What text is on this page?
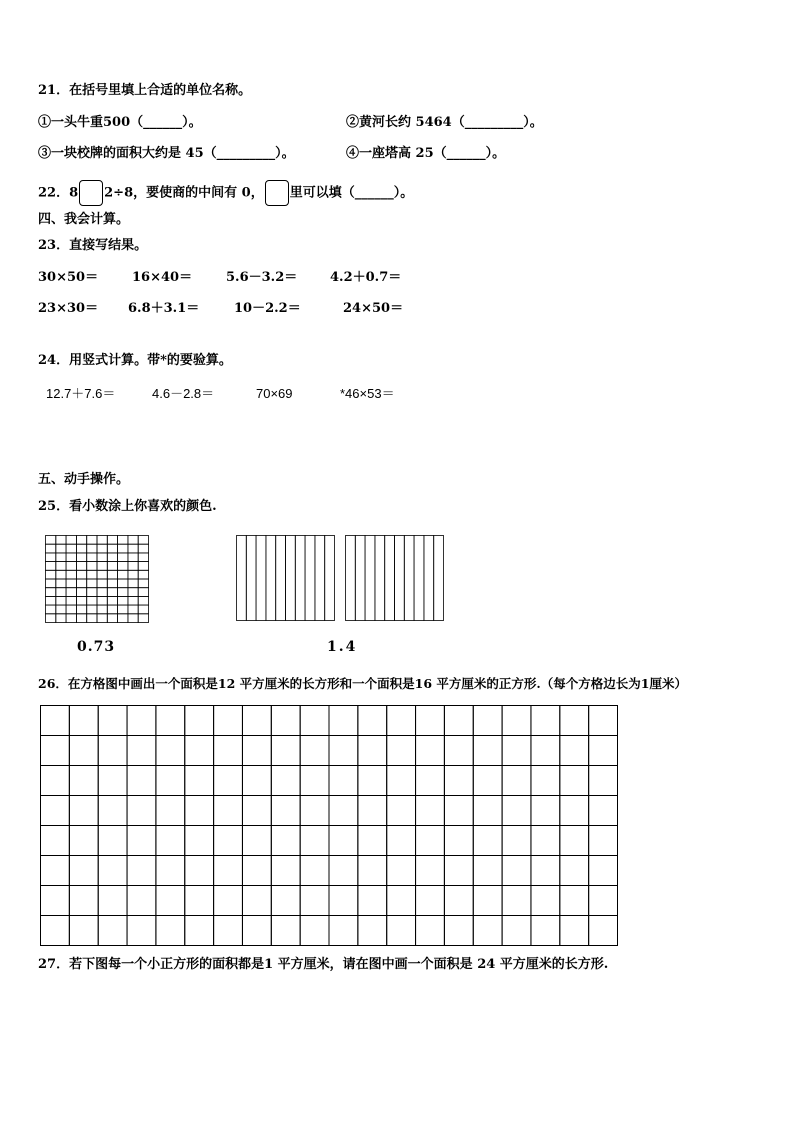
21．在括号里填上合适的单位名称。
①一头牛重500（______）。	②黄河长约 5464（_________）。
③一块校牌的面积大约是 45（_________）。	④一座塔高 25（______）。
22．8 2÷8，要使商的中间有 0， 里可以填（______）。
四、我会计算。
23．直接写结果。
30×50＝	16×40＝	5.6－3.2＝	4.2＋0.7＝
23×30＝ 6.8＋3.1＝	10－2.2＝	24×50＝
24．用竖式计算。带*的要验算。
12.7＋7.6＝	4.6－2.8＝	70×69	*46×53＝
五、动手操作。
25．看小数涂上你喜欢的颜色.
0.73	1.4
26．在方格图中画出一个面积是12 平方厘米的长方形和一个面积是16 平方厘米的正方形.（每个方格边长为1厘米）
27．若下图每一个小正方形的面积都是1 平方厘米，请在图中画一个面积是 24 平方厘米的长方形.
